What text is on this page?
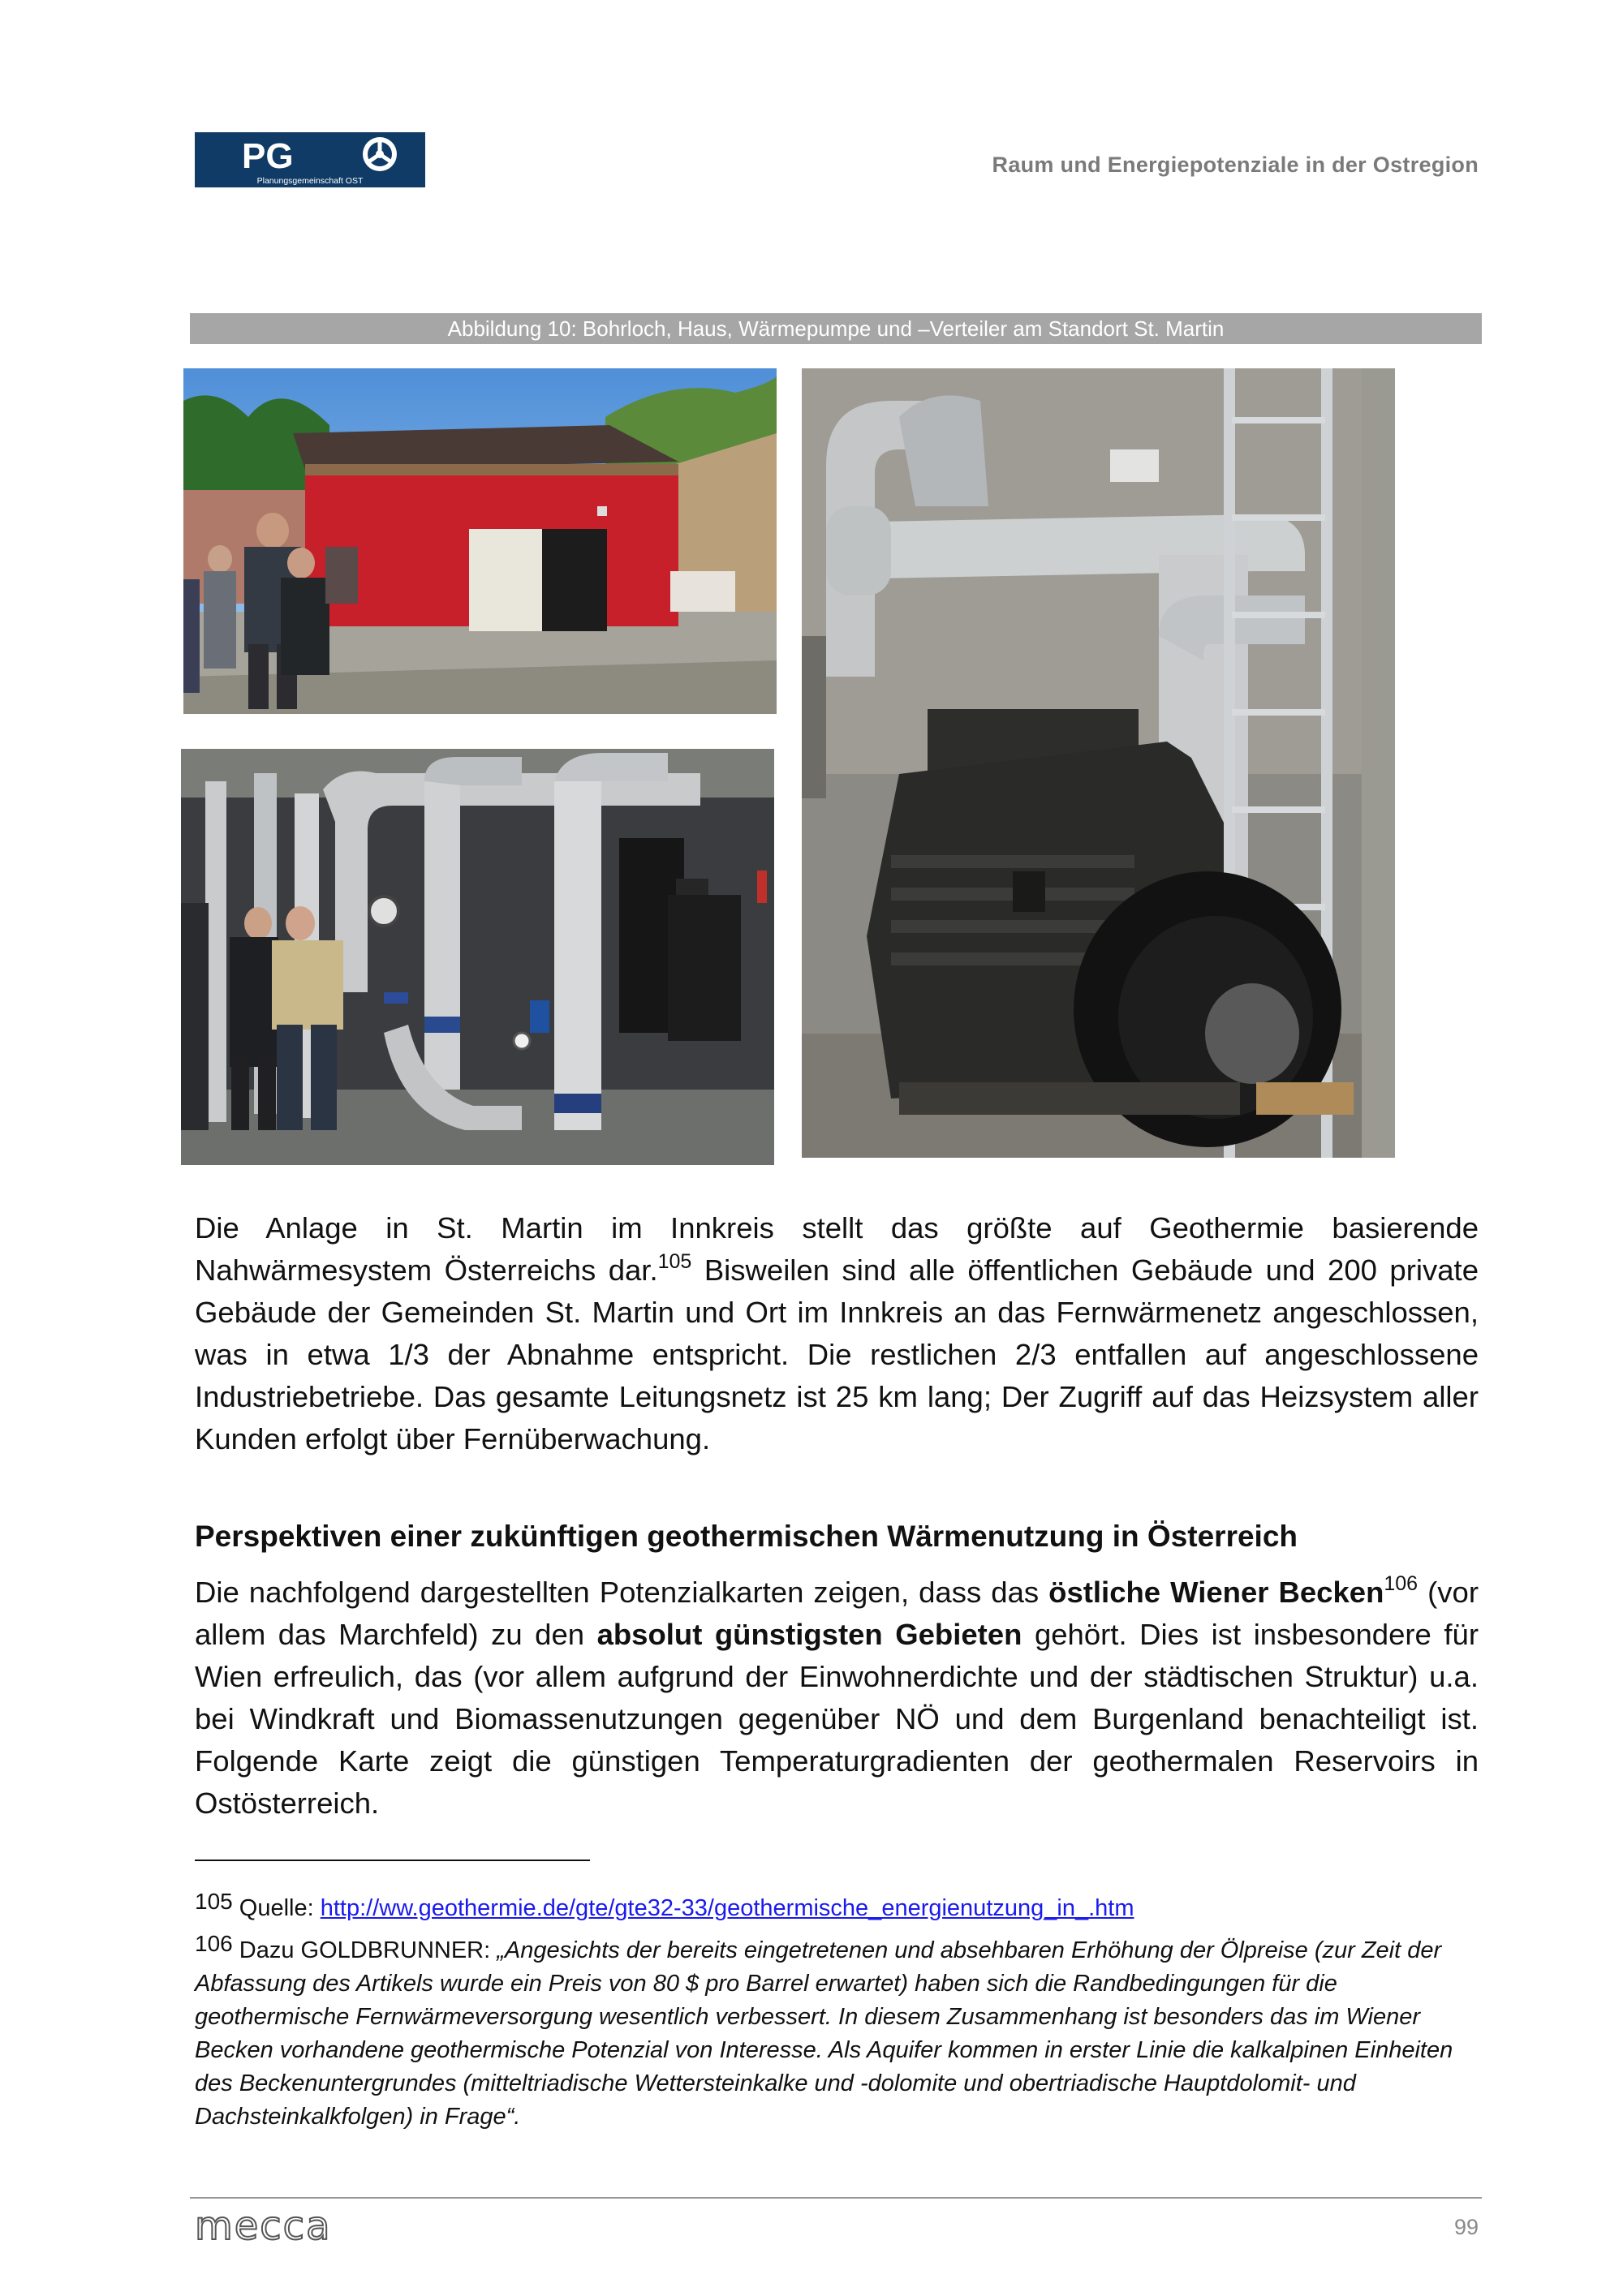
PG
Planungsgemeinschaft OST
Raum und Energiepotenziale in der Ostregion
Abbildung 10: Bohrloch, Haus, Wärmepumpe und –Verteiler am Standort St. Martin
Die Anlage in St. Martin im Innkreis stellt das größte auf Geothermie basierende Nahwärmesystem Österreichs dar.$^{105}$ Bisweilen sind alle öffentlichen Gebäude und 200 private Gebäude der Gemeinden St. Martin und Ort im Innkreis an das Fernwärmenetz angeschlossen, was in etwa 1/3 der Abnahme entspricht. Die restlichen 2/3 entfallen auf angeschlossene Industriebetriebe. Das gesamte Leitungsnetz ist 25 km lang; Der Zugriff auf das Heizsystem aller Kunden erfolgt über Fernüberwachung.
Perspektiven einer zukünftigen geothermischen Wärmenutzung in Österreich
Die nachfolgend dargestellten Potenzialkarten zeigen, dass das östliche Wiener Becken$^{106}$ (vor allem das Marchfeld) zu den absolut günstigsten Gebieten gehört. Dies ist insbesondere für Wien erfreulich, das (vor allem aufgrund der Einwohnerdichte und der städtischen Struktur) u.a. bei Windkraft und Biomassenutzungen gegenüber NÖ und dem Burgenland benachteiligt ist. Folgende Karte zeigt die günstigen Temperaturgradienten der geothermalen Reservoirs in Ostösterreich.
$^{105}$ Quelle: http://ww.geothermie.de/gte/gte32-33/geothermische_energienutzung_in_.htm
$^{106}$ Dazu GOLDBRUNNER: „Angesichts der bereits eingetretenen und absehbaren Erhöhung der Ölpreise (zur Zeit der Abfassung des Artikels wurde ein Preis von 80 $ pro Barrel erwartet) haben sich die Randbedingungen für die geothermische Fernwärmeversorgung wesentlich verbessert. In diesem Zusammenhang ist besonders das im Wiener Becken vorhandene geothermische Potenzial von Interesse. Als Aquifer kommen in erster Linie die kalkalpinen Einheiten des Beckenuntergrundes (mitteltriadische Wettersteinkalke und -dolomite und obertriadische Hauptdolomit- und Dachsteinkalkfolgen) in Frage“.
mecca	99
